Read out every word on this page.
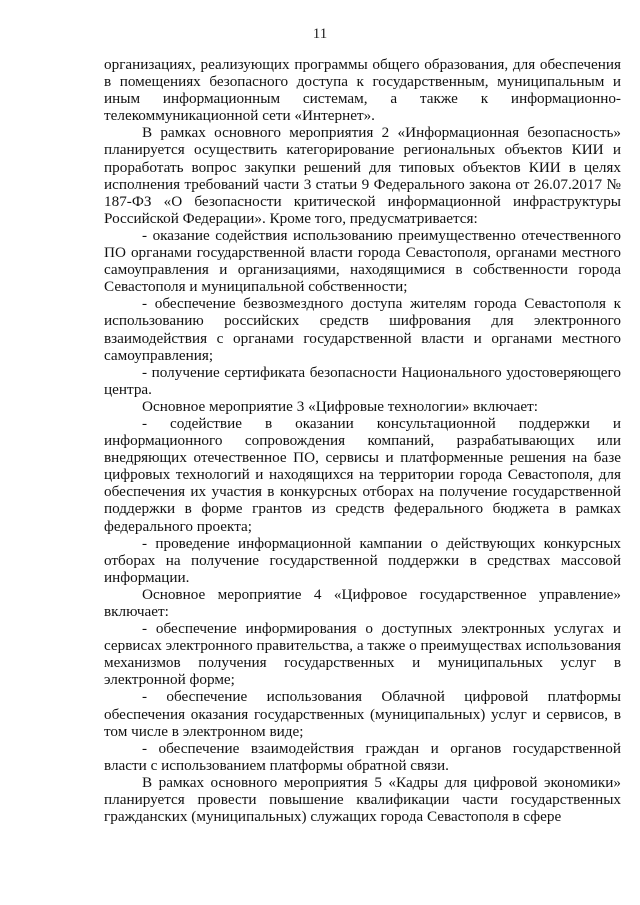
11

организациях, реализующих программы общего образования, для обеспечения в помещениях безопасного доступа к государственным, муниципальным и иным информационным системам, а также к информационно-телекоммуникационной сети «Интернет».

В рамках основного мероприятия 2 «Информационная безопасность» планируется осуществить категорирование региональных объектов КИИ и проработать вопрос закупки решений для типовых объектов КИИ в целях исполнения требований части 3 статьи 9 Федерального закона от 26.07.2017 № 187-ФЗ «О безопасности критической информационной инфраструктуры Российской Федерации». Кроме того, предусматривается:

- оказание содействия использованию преимущественно отечественного ПО органами государственной власти города Севастополя, органами местного самоуправления и организациями, находящимися в собственности города Севастополя и муниципальной собственности;

- обеспечение безвозмездного доступа жителям города Севастополя к использованию российских средств шифрования для электронного взаимодействия с органами государственной власти и органами местного самоуправления;

- получение сертификата безопасности Национального удостоверяющего центра.

Основное мероприятие 3 «Цифровые технологии» включает:

- содействие в оказании консультационной поддержки и информационного сопровождения компаний, разрабатывающих или внедряющих отечественное ПО, сервисы и платформенные решения на базе цифровых технологий и находящихся на территории города Севастополя, для обеспечения их участия в конкурсных отборах на получение государственной поддержки в форме грантов из средств федерального бюджета в рамках федерального проекта;

- проведение информационной кампании о действующих конкурсных отборах на получение государственной поддержки в средствах массовой информации.

Основное мероприятие 4 «Цифровое государственное управление» включает:

- обеспечение информирования о доступных электронных услугах и сервисах электронного правительства, а также о преимуществах использования механизмов получения государственных и муниципальных услуг в электронной форме;

- обеспечение использования Облачной цифровой платформы обеспечения оказания государственных (муниципальных) услуг и сервисов, в том числе в электронном виде;

- обеспечение взаимодействия граждан и органов государственной власти с использованием платформы обратной связи.

В рамках основного мероприятия 5 «Кадры для цифровой экономики» планируется провести повышение квалификации части государственных гражданских (муниципальных) служащих города Севастополя в сфере
